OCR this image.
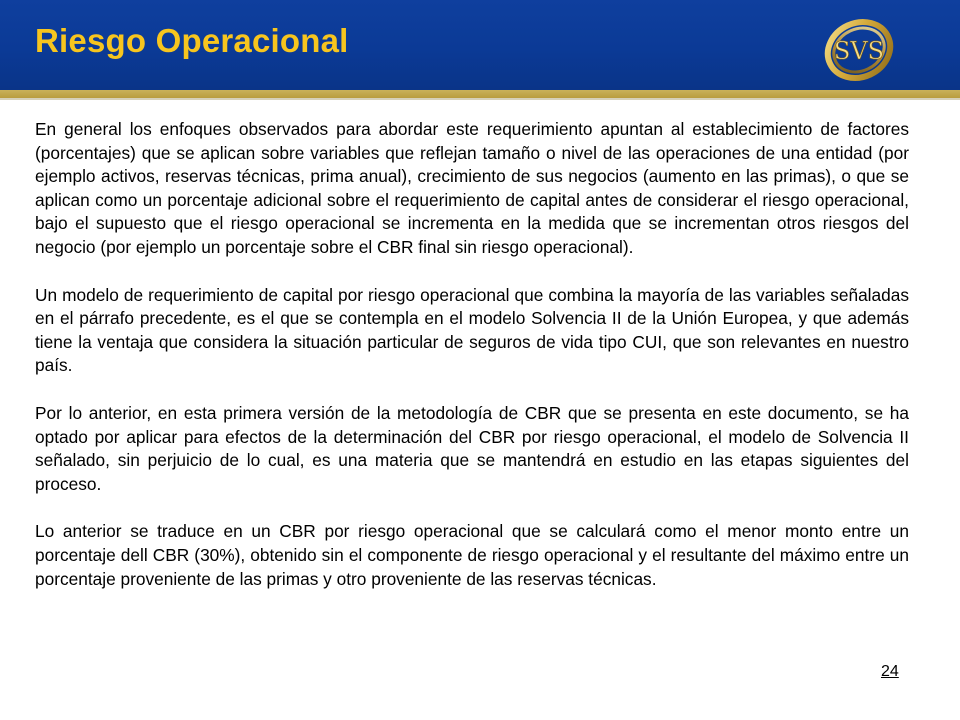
Riesgo Operacional	SVS

En general los enfoques observados para abordar este requerimiento apuntan al establecimiento de factores (porcentajes) que se aplican sobre variables que reflejan tamaño o nivel de las operaciones de una entidad (por ejemplo activos, reservas técnicas, prima anual), crecimiento de sus negocios (aumento en las primas), o que se aplican como un porcentaje adicional sobre el requerimiento de capital antes de considerar el riesgo operacional, bajo el supuesto que el riesgo operacional se incrementa en la medida que se incrementan otros riesgos del negocio (por ejemplo un porcentaje sobre el CBR final sin riesgo operacional).

Un modelo de requerimiento de capital por riesgo operacional que combina la mayoría de las variables señaladas en el párrafo precedente, es el que se contempla en el modelo Solvencia II de la Unión Europea, y que además tiene la ventaja que considera la situación particular de seguros de vida tipo CUI, que son relevantes en nuestro país.

Por lo anterior, en esta primera versión de la metodología de CBR que se presenta en este documento, se ha optado por aplicar para efectos de la determinación del CBR por riesgo operacional, el modelo de Solvencia II señalado, sin perjuicio de lo cual, es una materia que se mantendrá en estudio en las etapas siguientes del proceso.

Lo anterior se traduce en un CBR por riesgo operacional que se calculará como el menor monto entre un porcentaje dell CBR (30%), obtenido sin el componente de riesgo operacional y el resultante del máximo entre un porcentaje proveniente de las primas y otro proveniente de las reservas técnicas.

24
